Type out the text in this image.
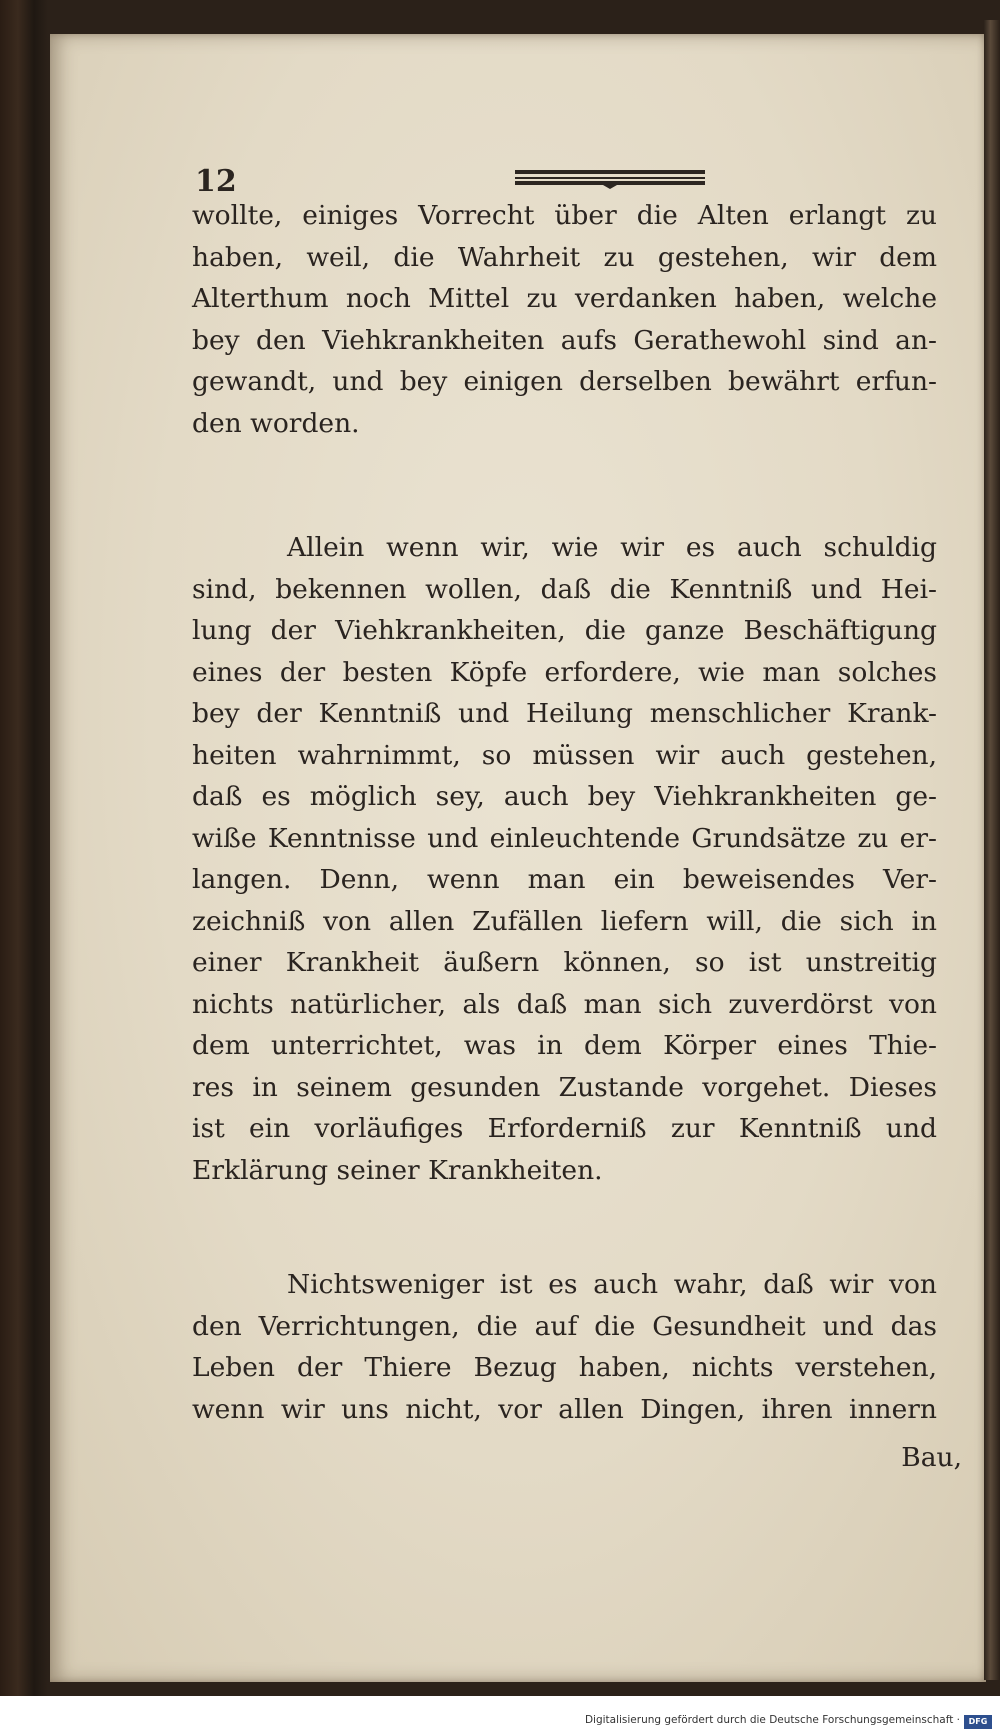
12
wollte, einiges Vorrecht über die Alten erlangt zu
haben, weil, die Wahrheit zu gestehen, wir dem
Alterthum noch Mittel zu verdanken haben, welche
bey den Viehkrankheiten aufs Gerathewohl sind an-
gewandt, und bey einigen derselben bewährt erfun-
den worden.
Allein wenn wir, wie wir es auch schuldig
sind, bekennen wollen, daß die Kenntniß und Hei-
lung der Viehkrankheiten, die ganze Beschäftigung
eines der besten Köpfe erfordere, wie man solches
bey der Kenntniß und Heilung menschlicher Krank-
heiten wahrnimmt, so müssen wir auch gestehen,
daß es möglich sey, auch bey Viehkrankheiten ge-
wiße Kenntnisse und einleuchtende Grundsätze zu er-
langen. Denn, wenn man ein beweisendes Ver-
zeichniß von allen Zufällen liefern will, die sich in
einer Krankheit äußern können, so ist unstreitig
nichts natürlicher, als daß man sich zuverdörst von
dem unterrichtet, was in dem Körper eines Thie-
res in seinem gesunden Zustande vorgehet. Dieses
ist ein vorläufiges Erforderniß zur Kenntniß und
Erklärung seiner Krankheiten.
Nichtsweniger ist es auch wahr, daß wir von
den Verrichtungen, die auf die Gesundheit und das
Leben der Thiere Bezug haben, nichts verstehen,
wenn wir uns nicht, vor allen Dingen, ihren innern
Bau,
Digitalisierung gefördert durch die Deutsche Forschungsgemeinschaft ·	DFG
